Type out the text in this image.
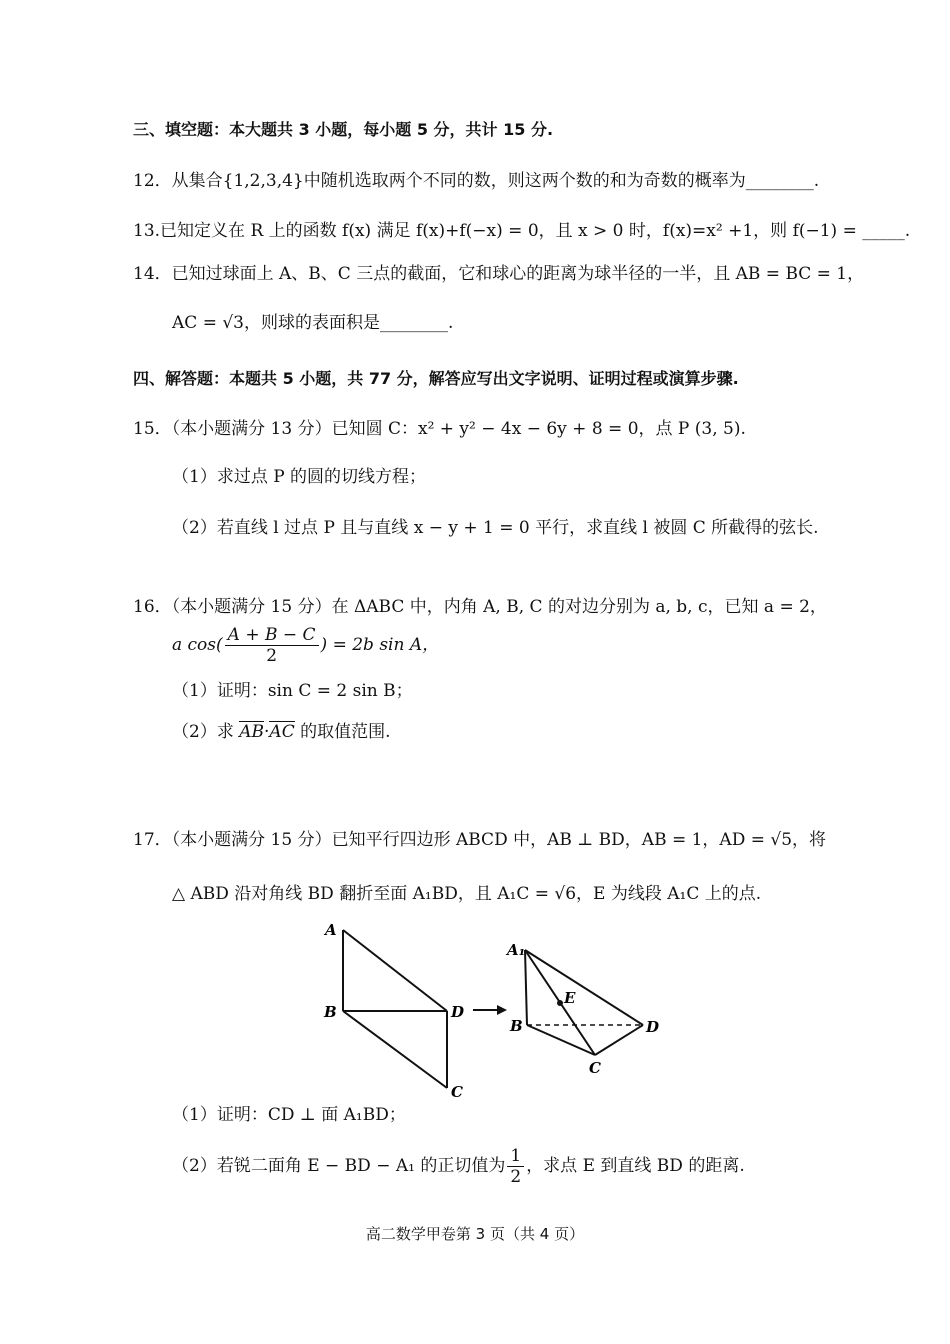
三、填空题：本大题共 3 小题，每小题 5 分，共计 15 分.
12．从集合{1,2,3,4}中随机选取两个不同的数，则这两个数的和为奇数的概率为________.
13.已知定义在 R 上的函数 f(x) 满足 f(x)+f(−x) = 0，且 x > 0 时，f(x)=x² +1，则 f(−1) = _____.
14．已知过球面上 A、B、C 三点的截面，它和球心的距离为球半径的一半，且 AB = BC = 1，
AC = √3，则球的表面积是________.
四、解答题：本题共 5 小题，共 77 分，解答应写出文字说明、证明过程或演算步骤.
15．（本小题满分 13 分）已知圆 C：x² + y² − 4x − 6y + 8 = 0，点 P (3, 5).
（1）求过点 P 的圆的切线方程；
（2）若直线 l 过点 P 且与直线 x − y + 1 = 0 平行，求直线 l 被圆 C 所截得的弦长.
16．（本小题满分 15 分）在 ΔABC 中，内角 A, B, C 的对边分别为 a, b, c，已知 a = 2，
a $\cos( \frac{A + B - C}{2}$ ) = 2b sin A，
（1）证明：sin C = 2 sin B；
（2）求 AB·AC 的取值范围.
17．（本小题满分 15 分）已知平行四边形 ABCD 中，AB ⊥ BD，AB = 1，AD = √5，将
△ ABD 沿对角线 BD 翻折至面 A₁BD，且 A₁C = √6，E 为线段 A₁C 上的点.
A
B	D
C
A₁
B	D
C
E
（1）证明：CD ⊥ 面 A₁BD；
（2）若锐二面角 E − BD − A₁ 的正切值为 $\frac{1}{2}$ ，求点 E 到直线 BD 的距离.
高二数学甲卷第 3 页（共 4 页）
